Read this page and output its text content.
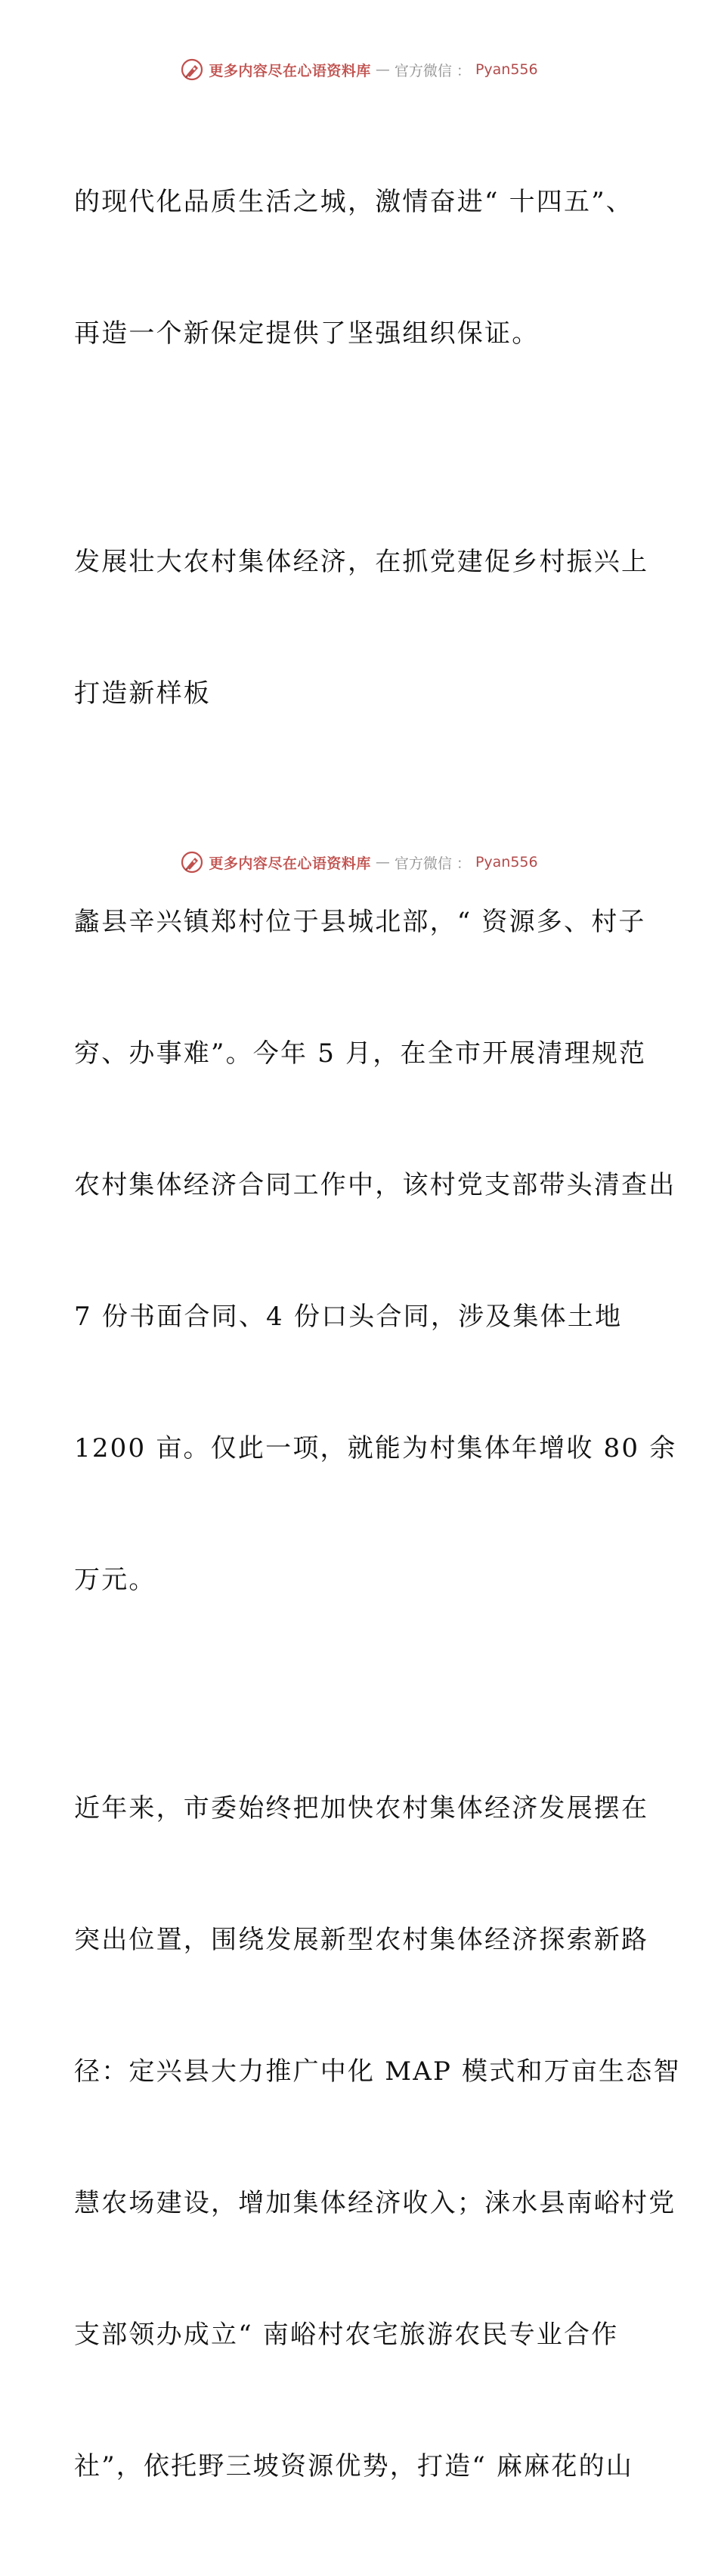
更多内容尽在心语资料库 — 官方微信 ： Pyan556

的现代化品质生活之城，激情奋进“ 十四五”、

再造一个新保定提供了坚强组织保证。

发展壮大农村集体经济，在抓党建促乡村振兴上

打造新样板

蠡县辛兴镇郑村位于县城北部，“ 资源多、村子

穷、办事难”。今年 5 月，在全市开展清理规范

农村集体经济合同工作中，该村党支部带头清查出

7 份书面合同、4 份口头合同，涉及集体土地

1200 亩。仅此一项，就能为村集体年增收 80 余

万元。

近年来，市委始终把加快农村集体经济发展摆在

突出位置，围绕发展新型农村集体经济探索新路

径：定兴县大力推广中化 MAP 模式和万亩生态智

慧农场建设，增加集体经济收入；涞水县南峪村党

支部领办成立“ 南峪村农宅旅游农民专业合作

社”，依托野三坡资源优势，打造“ 麻麻花的山

更多内容尽在心语资料库 — 官方微信 ： Pyan556
